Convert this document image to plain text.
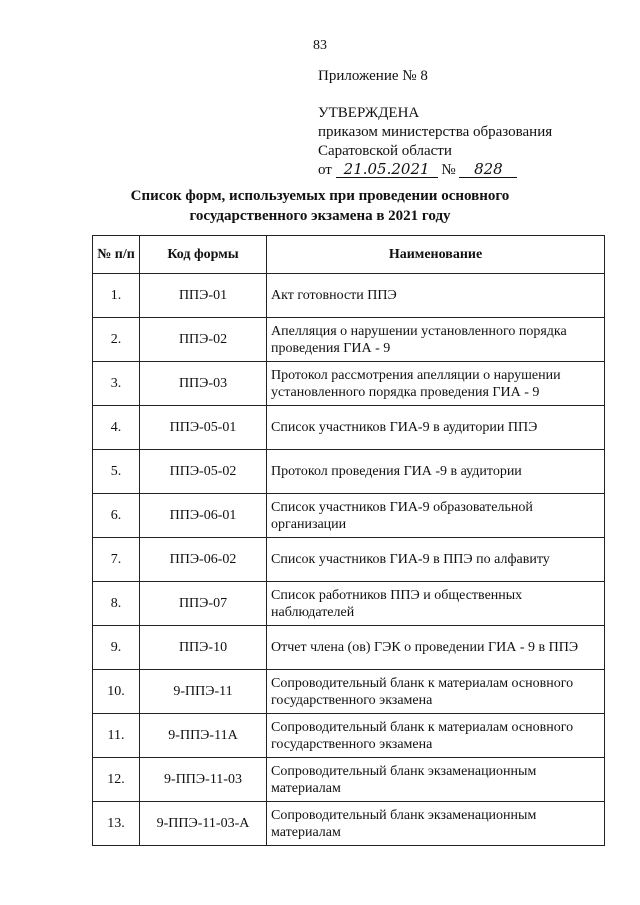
83
Приложение № 8
УТВЕРЖДЕНА
приказом министерства образования
Саратовской области
от 21.05.2021 № 828
Список форм, используемых при проведении основного
государственного экзамена в 2021 году
№ п/п	Код формы	Наименование
1.	ППЭ-01	Акт готовности ППЭ
2.	ППЭ-02	Апелляция о нарушении установленного порядка проведения ГИА - 9
3.	ППЭ-03	Протокол рассмотрения апелляции о нарушении установленного порядка проведения ГИА - 9
4.	ППЭ-05-01	Список участников ГИА-9 в аудитории ППЭ
5.	ППЭ-05-02	Протокол проведения ГИА -9 в аудитории
6.	ППЭ-06-01	Список участников ГИА-9 образовательной организации
7.	ППЭ-06-02	Список участников ГИА-9 в ППЭ по алфавиту
8.	ППЭ-07	Список работников ППЭ и общественных наблюдателей
9.	ППЭ-10	Отчет члена (ов) ГЭК о проведении ГИА - 9 в ППЭ
10.	9-ППЭ-11	Сопроводительный бланк к материалам основного государственного экзамена
11.	9-ППЭ-11А	Сопроводительный бланк к материалам основного государственного экзамена
12.	9-ППЭ-11-03	Сопроводительный бланк экзаменационным материалам
13.	9-ППЭ-11-03-А	Сопроводительный бланк экзаменационным материалам
